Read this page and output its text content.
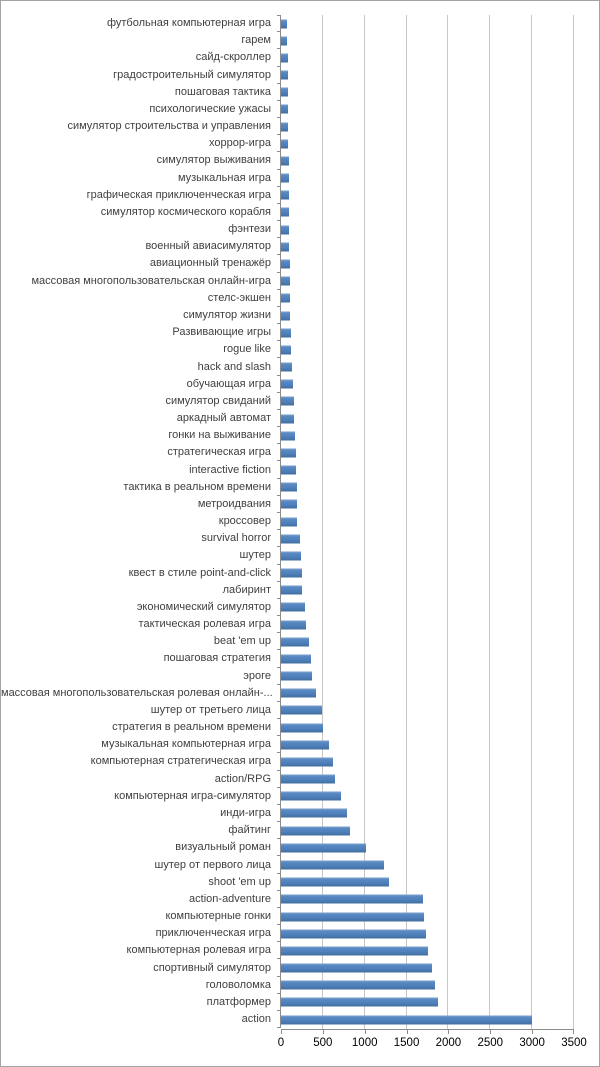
футбольная компьютерная игра
гарем
сайд-скроллер
градостроительный симулятор
пошаговая тактика
психологические ужасы
симулятор строительства и управления
хоррор-игра
симулятор выживания
музыкальная игра
графическая приключенческая игра
симулятор космического корабля
фэнтези
военный авиасимулятор
авиационный тренажёр
массовая многопользовательская онлайн-игра
стелс-экшен
симулятор жизни
Развивающие игры
rogue like
hack and slash
обучающая игра
симулятор свиданий
аркадный автомат
гонки на выживание
стратегическая игра
interactive fiction
тактика в реальном времени
метроидвания
кроссовер
survival horror
шутер
квест в стиле point-and-click
лабиринт
экономический симулятор
тактическая ролевая игра
beat 'em up
пошаговая стратегия
эроге
массовая многопользовательская ролевая онлайн-...
шутер от третьего лица
стратегия в реальном времени
музыкальная компьютерная игра
компьютерная стратегическая игра
action/RPG
компьютерная игра-симулятор
инди-игра
файтинг
визуальный роман
шутер от первого лица
shoot 'em up
action-adventure
компьютерные гонки
приключенческая игра
компьютерная ролевая игра
спортивный симулятор
головоломка
платформер
action
0	500 1000 1500 2000 2500 3000 3500
